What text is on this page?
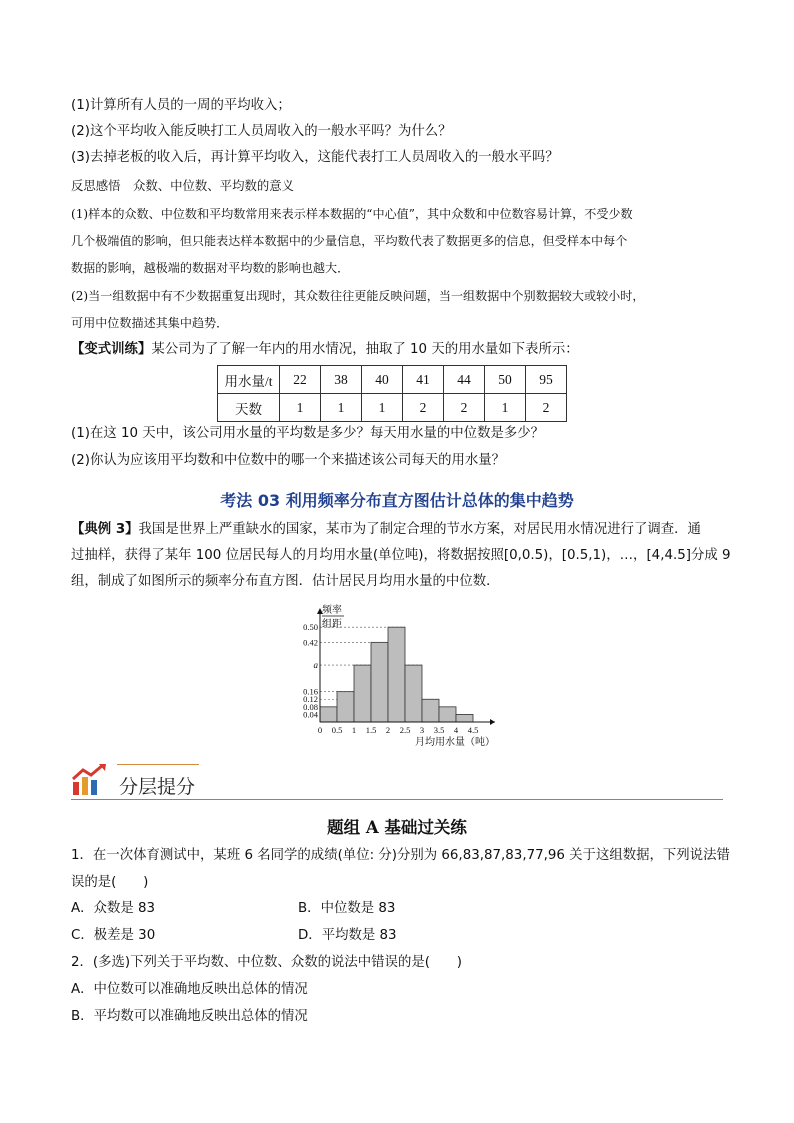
(1)计算所有人员的一周的平均收入；
(2)这个平均收入能反映打工人员周收入的一般水平吗？为什么？
(3)去掉老板的收入后，再计算平均收入，这能代表打工人员周收入的一般水平吗？
反思感悟　众数、中位数、平均数的意义
(1)样本的众数、中位数和平均数常用来表示样本数据的“中心值”，其中众数和中位数容易计算，不受少数
几个极端值的影响，但只能表达样本数据中的少量信息，平均数代表了数据更多的信息，但受样本中每个
数据的影响，越极端的数据对平均数的影响也越大．
(2)当一组数据中有不少数据重复出现时，其众数往往更能反映问题，当一组数据中个别数据较大或较小时，
可用中位数描述其集中趋势．
【变式训练】某公司为了了解一年内的用水情况，抽取了 10 天的用水量如下表所示：
用水量/t	22	38	40	41	44	50	95
天数	1	1	1	2	2	1	2
(1)在这 10 天中，该公司用水量的平均数是多少？每天用水量的中位数是多少？
(2)你认为应该用平均数和中位数中的哪一个来描述该公司每天的用水量？
考法 03 利用频率分布直方图估计总体的集中趋势
【典例 3】我国是世界上严重缺水的国家，某市为了制定合理的节水方案，对居民用水情况进行了调查．通
过抽样，获得了某年 100 位居民每人的月均用水量(单位吨)，将数据按照[0,0.5)，[0.5,1)，…，[4,4.5]分成 9
组，制成了如图所示的频率分布直方图．估计居民月均用水量的中位数．
0.50
0.42
a
0.16
0.12
0.08
0.04
0 0.5 1 1.5 2 2.5 3 3.5 4 4.5
频率
组距
月均用水量（吨）
分层提分
题组 A 基础过关练
1．在一次体育测试中，某班 6 名同学的成绩(单位: 分)分别为 66,83,87,83,77,96 关于这组数据，下列说法错
误的是(　　)
A．众数是 83	B．中位数是 83
C．极差是 30	D．平均数是 83
2．(多选)下列关于平均数、中位数、众数的说法中错误的是(　　)
A．中位数可以准确地反映出总体的情况
B．平均数可以准确地反映出总体的情况
